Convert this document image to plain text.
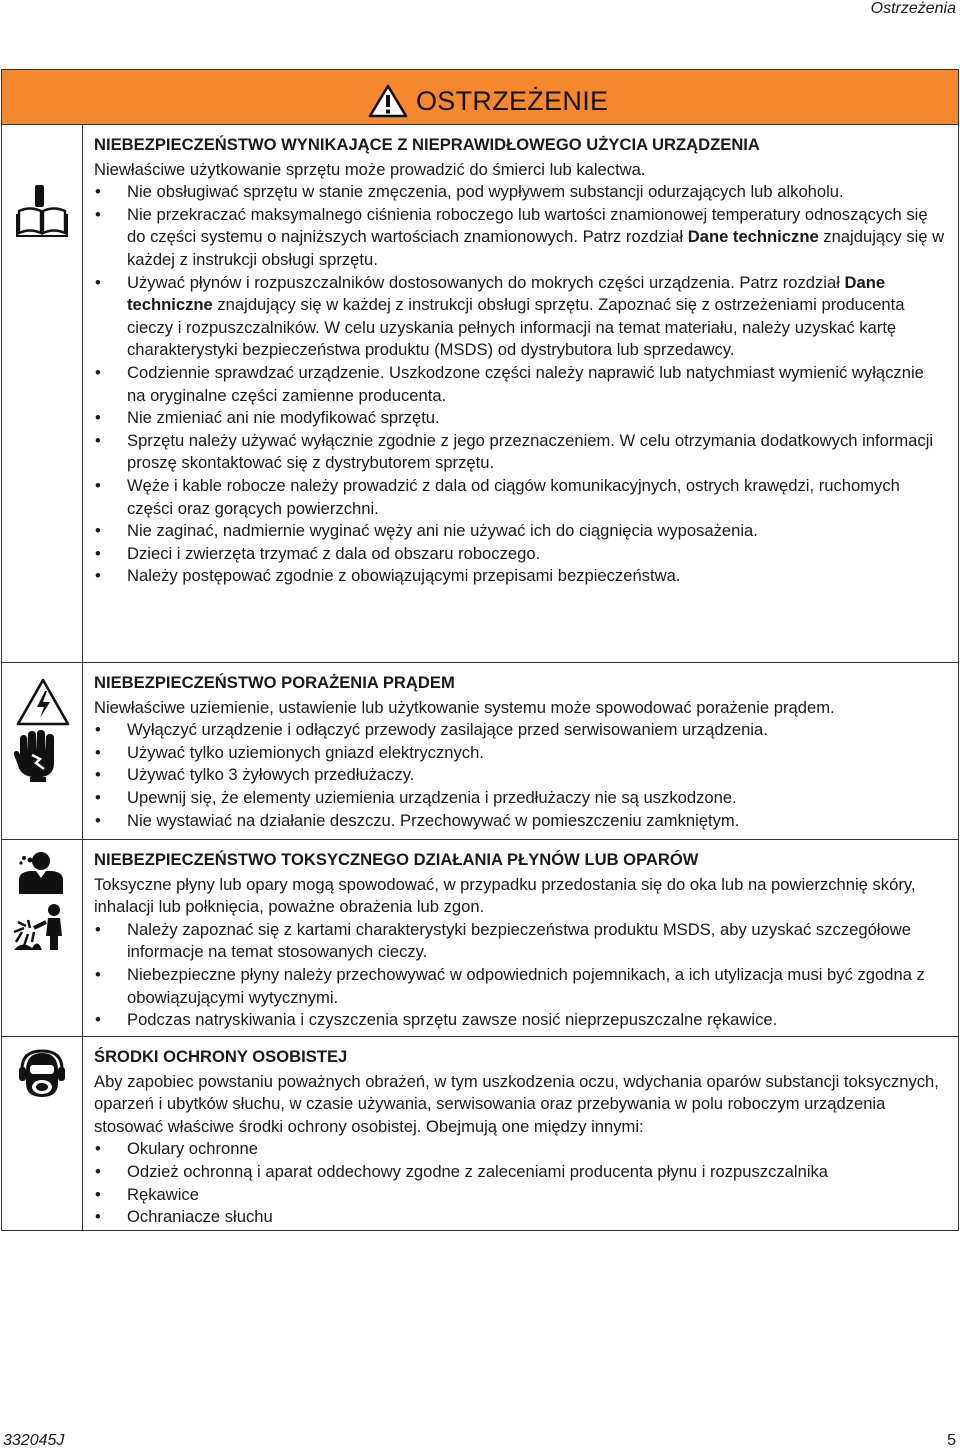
Ostrzeżenia
OSTRZEŻENIE
NIEBEZPIECZEŃSTWO WYNIKAJĄCE Z NIEPRAWIDŁOWEGO UŻYCIA URZĄDZENIA
Niewłaściwe użytkowanie sprzętu może prowadzić do śmierci lub kalectwa.
• Nie obsługiwać sprzętu w stanie zmęczenia, pod wypływem substancji odurzających lub alkoholu.
• Nie przekraczać maksymalnego ciśnienia roboczego lub wartości znamionowej temperatury odnoszących się do części systemu o najniższych wartościach znamionowych. Patrz rozdział Dane techniczne znajdujący się w każdej z instrukcji obsługi sprzętu.
• Używać płynów i rozpuszczalników dostosowanych do mokrych części urządzenia. Patrz rozdział Dane techniczne znajdujący się w każdej z instrukcji obsługi sprzętu. Zapoznać się z ostrzeżeniami producenta cieczy i rozpuszczalników. W celu uzyskania pełnych informacji na temat materiału, należy uzyskać kartę charakterystyki bezpieczeństwa produktu (MSDS) od dystrybutora lub sprzedawcy.
• Codziennie sprawdzać urządzenie. Uszkodzone części należy naprawić lub natychmiast wymienić wyłącznie na oryginalne części zamienne producenta.
• Nie zmieniać ani nie modyfikować sprzętu.
• Sprzętu należy używać wyłącznie zgodnie z jego przeznaczeniem. W celu otrzymania dodatkowych informacji proszę skontaktować się z dystrybutorem sprzętu.
• Węże i kable robocze należy prowadzić z dala od ciągów komunikacyjnych, ostrych krawędzi, ruchomych części oraz gorących powierzchni.
• Nie zaginać, nadmiernie wyginać węży ani nie używać ich do ciągnięcia wyposażenia.
• Dzieci i zwierzęta trzymać z dala od obszaru roboczego.
• Należy postępować zgodnie z obowiązującymi przepisami bezpieczeństwa.
NIEBEZPIECZEŃSTWO PORAŻENIA PRĄDEM
Niewłaściwe uziemienie, ustawienie lub użytkowanie systemu może spowodować porażenie prądem.
• Wyłączyć urządzenie i odłączyć przewody zasilające przed serwisowaniem urządzenia.
• Używać tylko uziemionych gniazd elektrycznych.
• Używać tylko 3 żyłowych przedłużaczy.
• Upewnij się, że elementy uziemienia urządzenia i przedłużaczy nie są uszkodzone.
• Nie wystawiać na działanie deszczu. Przechowywać w pomieszczeniu zamkniętym.
NIEBEZPIECZEŃSTWO TOKSYCZNEGO DZIAŁANIA PŁYNÓW LUB OPARÓW
Toksyczne płyny lub opary mogą spowodować, w przypadku przedostania się do oka lub na powierzchnię skóry, inhalacji lub połknięcia, poważne obrażenia lub zgon.
• Należy zapoznać się z kartami charakterystyki bezpieczeństwa produktu MSDS, aby uzyskać szczegółowe informacje na temat stosowanych cieczy.
• Niebezpieczne płyny należy przechowywać w odpowiednich pojemnikach, a ich utylizacja musi być zgodna z obowiązującymi wytycznymi.
• Podczas natryskiwania i czyszczenia sprzętu zawsze nosić nieprzepuszczalne rękawice.
ŚRODKI OCHRONY OSOBISTEJ
Aby zapobiec powstaniu poważnych obrażeń, w tym uszkodzenia oczu, wdychania oparów substancji toksycznych, oparzeń i ubytków słuchu, w czasie używania, serwisowania oraz przebywania w polu roboczym urządzenia stosować właściwe środki ochrony osobistej. Obejmują one między innymi:
• Okulary ochronne
• Odzież ochronną i aparat oddechowy zgodne z zaleceniami producenta płynu i rozpuszczalnika
• Rękawice
• Ochraniacze słuchu
332045J	5
